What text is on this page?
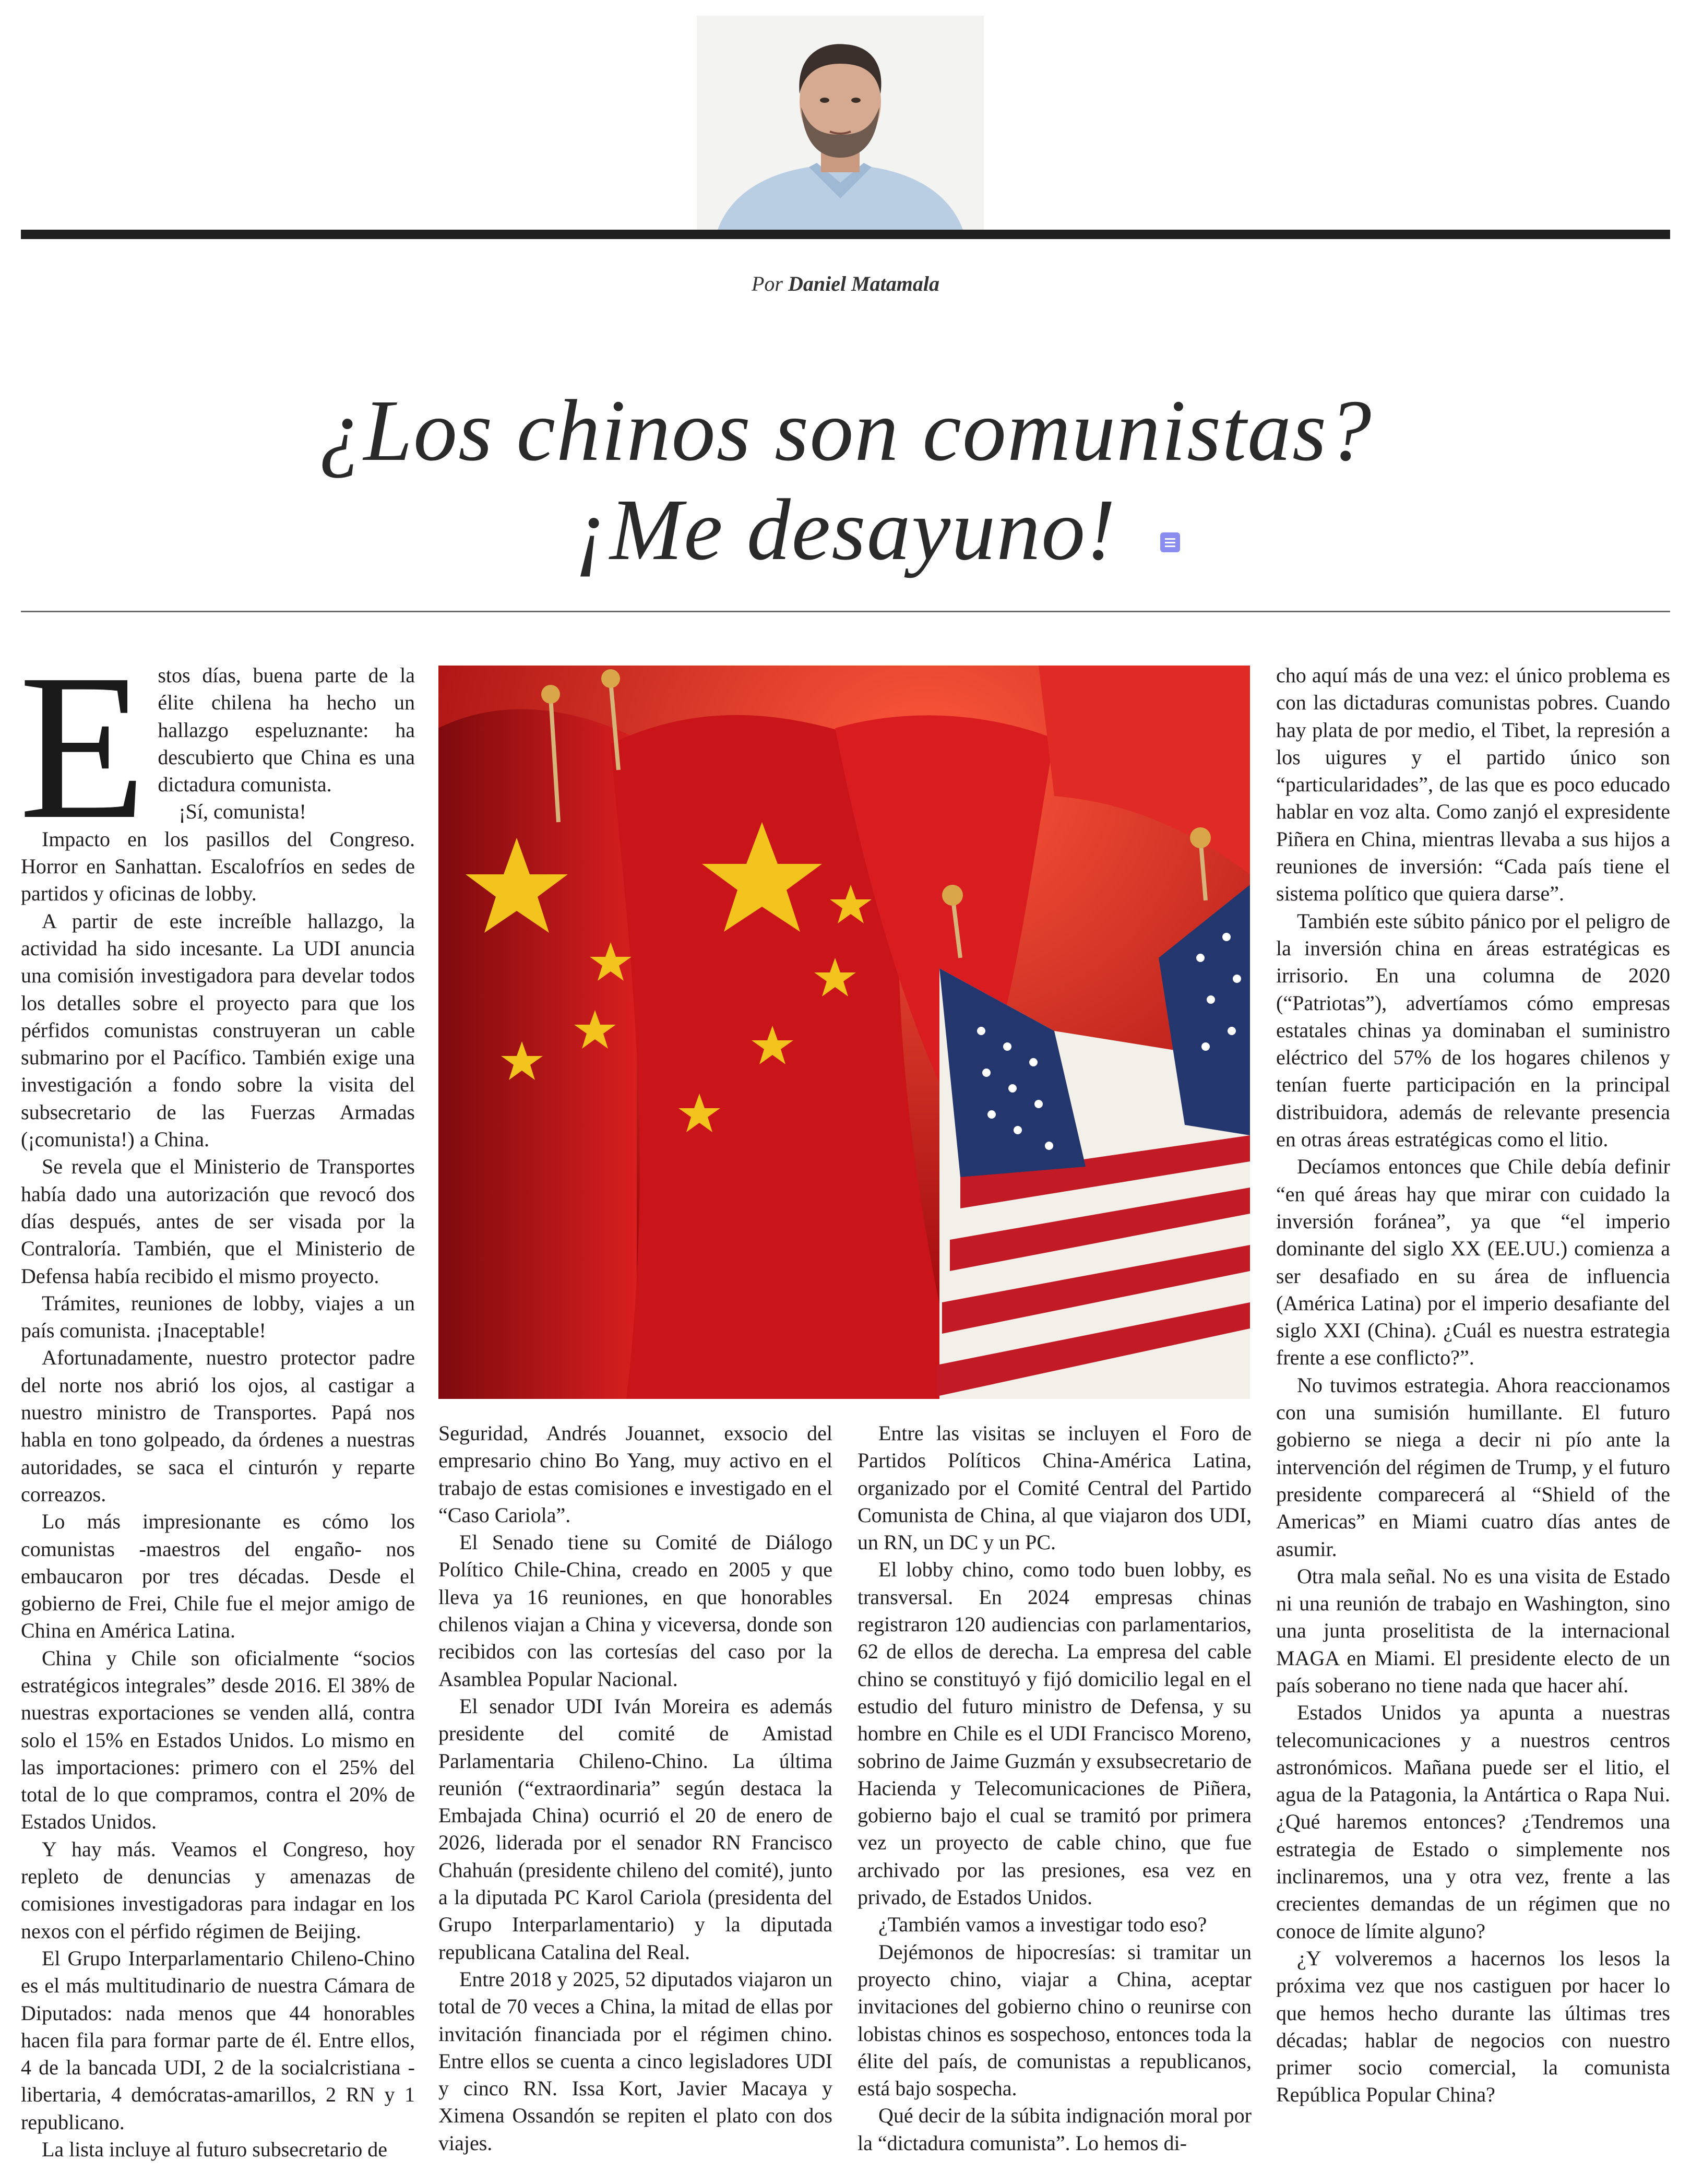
Por Daniel Matamala
¿Los chinos son comunistas?
¡Me desayuno!

Estos días, buena parte de la élite chilena ha hecho un hallazgo espeluznante: ha descubierto que China es una dictadura comunista.

¡Sí, comunista!

Impacto en los pasillos del Congreso. Horror en Sanhattan. Escalofríos en sedes de partidos y oficinas de lobby.

A partir de este increíble hallazgo, la actividad ha sido incesante. La UDI anuncia una comisión investigadora para develar todos los detalles sobre el proyecto para que los pérfidos comunistas construyeran un cable submarino por el Pacífico. También exige una investigación a fondo sobre la visita del subsecretario de las Fuerzas Armadas (¡comunista!) a China.

Se revela que el Ministerio de Transportes había dado una autorización que revocó dos días después, antes de ser visada por la Contraloría. También, que el Ministerio de Defensa había recibido el mismo proyecto.

Trámites, reuniones de lobby, viajes a un país comunista. ¡Inaceptable!

Afortunadamente, nuestro protector padre del norte nos abrió los ojos, al castigar a nuestro ministro de Transportes. Papá nos habla en tono golpeado, da órdenes a nuestras autoridades, se saca el cinturón y reparte correazos.

Lo más impresionante es cómo los comunistas -maestros del engaño- nos embaucaron por tres décadas. Desde el gobierno de Frei, Chile fue el mejor amigo de China en América Latina.

China y Chile son oficialmente “socios estratégicos integrales” desde 2016. El 38% de nuestras exportaciones se venden allá, contra solo el 15% en Estados Unidos. Lo mismo en las importaciones: primero con el 25% del total de lo que compramos, contra el 20% de Estados Unidos.

Y hay más. Veamos el Congreso, hoy repleto de denuncias y amenazas de comisiones investigadoras para indagar en los nexos con el pérfido régimen de Beijing.

El Grupo Interparlamentario Chileno-Chino es el más multitudinario de nuestra Cámara de Diputados: nada menos que 44 honorables hacen fila para formar parte de él. Entre ellos, 4 de la bancada UDI, 2 de la socialcristiana -libertaria, 4 demócratas-amarillos, 2 RN y 1 republicano.

La lista incluye al futuro subsecretario de

Seguridad, Andrés Jouannet, exsocio del empresario chino Bo Yang, muy activo en el trabajo de estas comisiones e investigado en el “Caso Cariola”.

El Senado tiene su Comité de Diálogo Político Chile-China, creado en 2005 y que lleva ya 16 reuniones, en que honorables chilenos viajan a China y viceversa, donde son recibidos con las cortesías del caso por la Asamblea Popular Nacional.

El senador UDI Iván Moreira es además presidente del comité de Amistad Parlamentaria Chileno-Chino. La última reunión (“extraordinaria” según destaca la Embajada China) ocurrió el 20 de enero de 2026, liderada por el senador RN Francisco Chahuán (presidente chileno del comité), junto a la diputada PC Karol Cariola (presidenta del Grupo Interparlamentario) y la diputada republicana Catalina del Real.

Entre 2018 y 2025, 52 diputados viajaron un total de 70 veces a China, la mitad de ellas por invitación financiada por el régimen chino. Entre ellos se cuenta a cinco legisladores UDI y cinco RN. Issa Kort, Javier Macaya y Ximena Ossandón se repiten el plato con dos viajes.

Entre las visitas se incluyen el Foro de Partidos Políticos China-América Latina, organizado por el Comité Central del Partido Comunista de China, al que viajaron dos UDI, un RN, un DC y un PC.

El lobby chino, como todo buen lobby, es transversal. En 2024 empresas chinas registraron 120 audiencias con parlamentarios, 62 de ellos de derecha. La empresa del cable chino se constituyó y fijó domicilio legal en el estudio del futuro ministro de Defensa, y su hombre en Chile es el UDI Francisco Moreno, sobrino de Jaime Guzmán y exsubsecretario de Hacienda y Telecomunicaciones de Piñera, gobierno bajo el cual se tramitó por primera vez un proyecto de cable chino, que fue archivado por las presiones, esa vez en privado, de Estados Unidos.

¿También vamos a investigar todo eso?

Dejémonos de hipocresías: si tramitar un proyecto chino, viajar a China, aceptar invitaciones del gobierno chino o reunirse con lobistas chinos es sospechoso, entonces toda la élite del país, de comunistas a republicanos, está bajo sospecha.

Qué decir de la súbita indignación moral por la “dictadura comunista”. Lo hemos di-

cho aquí más de una vez: el único problema es con las dictaduras comunistas pobres. Cuando hay plata de por medio, el Tibet, la represión a los uigures y el partido único son “particularidades”, de las que es poco educado hablar en voz alta. Como zanjó el expresidente Piñera en China, mientras llevaba a sus hijos a reuniones de inversión: “Cada país tiene el sistema político que quiera darse”.

También este súbito pánico por el peligro de la inversión china en áreas estratégicas es irrisorio. En una columna de 2020 (“Patriotas”), advertíamos cómo empresas estatales chinas ya dominaban el suministro eléctrico del 57% de los hogares chilenos y tenían fuerte participación en la principal distribuidora, además de relevante presencia en otras áreas estratégicas como el litio.

Decíamos entonces que Chile debía definir “en qué áreas hay que mirar con cuidado la inversión foránea”, ya que “el imperio dominante del siglo XX (EE.UU.) comienza a ser desafiado en su área de influencia (América Latina) por el imperio desafiante del siglo XXI (China). ¿Cuál es nuestra estrategia frente a ese conflicto?”.

No tuvimos estrategia. Ahora reaccionamos con una sumisión humillante. El futuro gobierno se niega a decir ni pío ante la intervención del régimen de Trump, y el futuro presidente comparecerá al “Shield of the Americas” en Miami cuatro días antes de asumir.

Otra mala señal. No es una visita de Estado ni una reunión de trabajo en Washington, sino una junta proselitista de la internacional MAGA en Miami. El presidente electo de un país soberano no tiene nada que hacer ahí.

Estados Unidos ya apunta a nuestras telecomunicaciones y a nuestros centros astronómicos. Mañana puede ser el litio, el agua de la Patagonia, la Antártica o Rapa Nui. ¿Qué haremos entonces? ¿Tendremos una estrategia de Estado o simplemente nos inclinaremos, una y otra vez, frente a las crecientes demandas de un régimen que no conoce de límite alguno?

¿Y volveremos a hacernos los lesos la próxima vez que nos castiguen por hacer lo que hemos hecho durante las últimas tres décadas; hablar de negocios con nuestro primer socio comercial, la comunista República Popular China?
